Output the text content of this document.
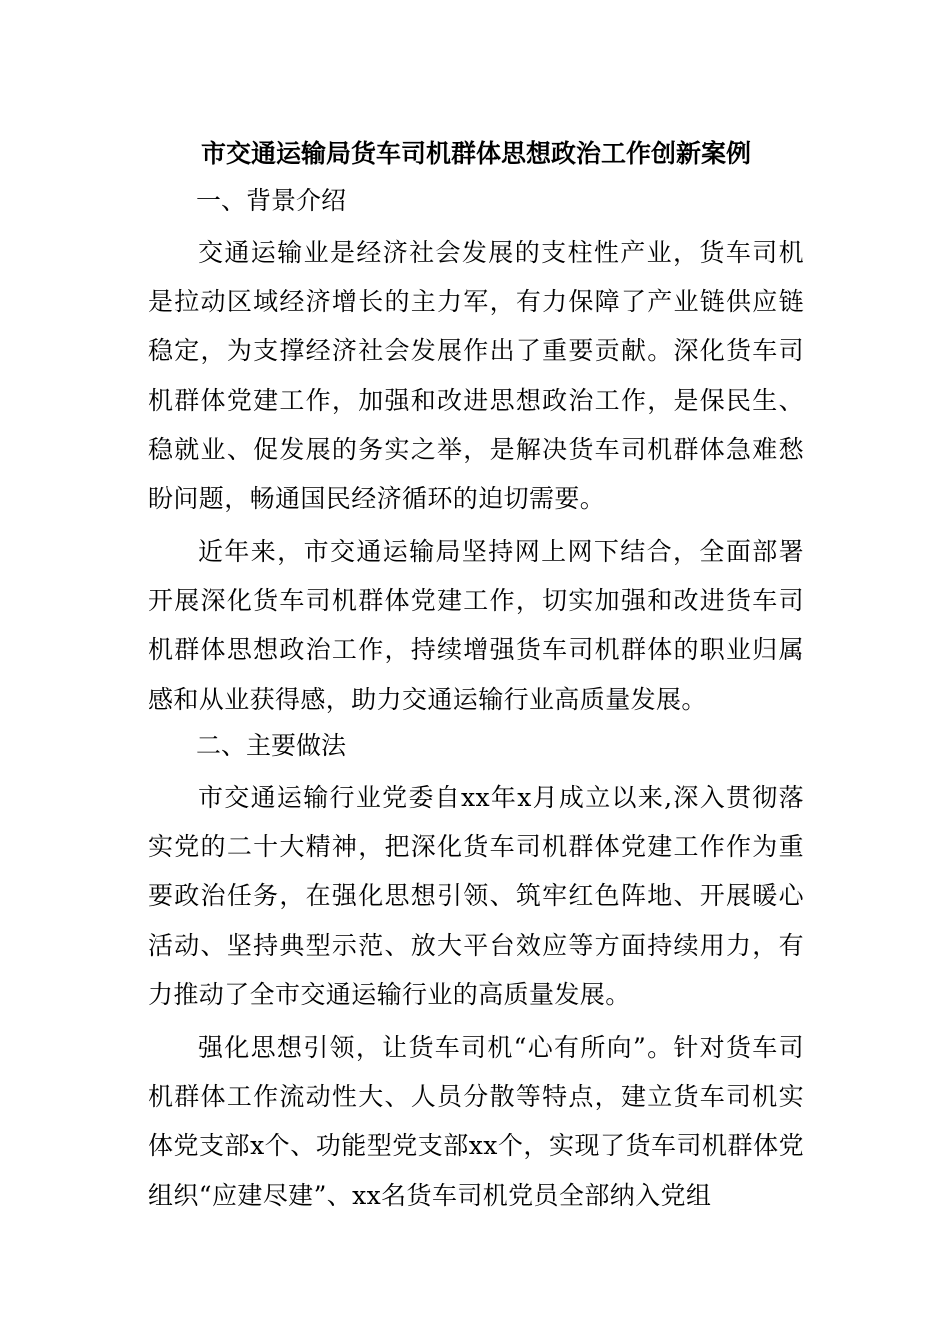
市交通运输局货车司机群体思想政治工作创新案例
一、背景介绍

交通运输业是经济社会发展的支柱性产业，货车司机是拉动区域经济增长的主力军，有力保障了产业链供应链稳定，为支撑经济社会发展作出了重要贡献。深化货车司机群体党建工作，加强和改进思想政治工作，是保民生、稳就业、促发展的务实之举，是解决货车司机群体急难愁盼问题，畅通国民经济循环的迫切需要。

近年来，市交通运输局坚持网上网下结合，全面部署开展深化货车司机群体党建工作，切实加强和改进货车司机群体思想政治工作，持续增强货车司机群体的职业归属感和从业获得感，助力交通运输行业高质量发展。

二、主要做法

市交通运输行业党委自xx年x月成立以来,深入贯彻落实党的二十大精神，把深化货车司机群体党建工作作为重要政治任务，在强化思想引领、筑牢红色阵地、开展暖心活动、坚持典型示范、放大平台效应等方面持续用力，有力推动了全市交通运输行业的高质量发展。

强化思想引领，让货车司机“心有所向”。针对货车司机群体工作流动性大、人员分散等特点，建立货车司机实体党支部x个、功能型党支部xx个，实现了货车司机群体党组织“应建尽建”、xx名货车司机党员全部纳入党组
